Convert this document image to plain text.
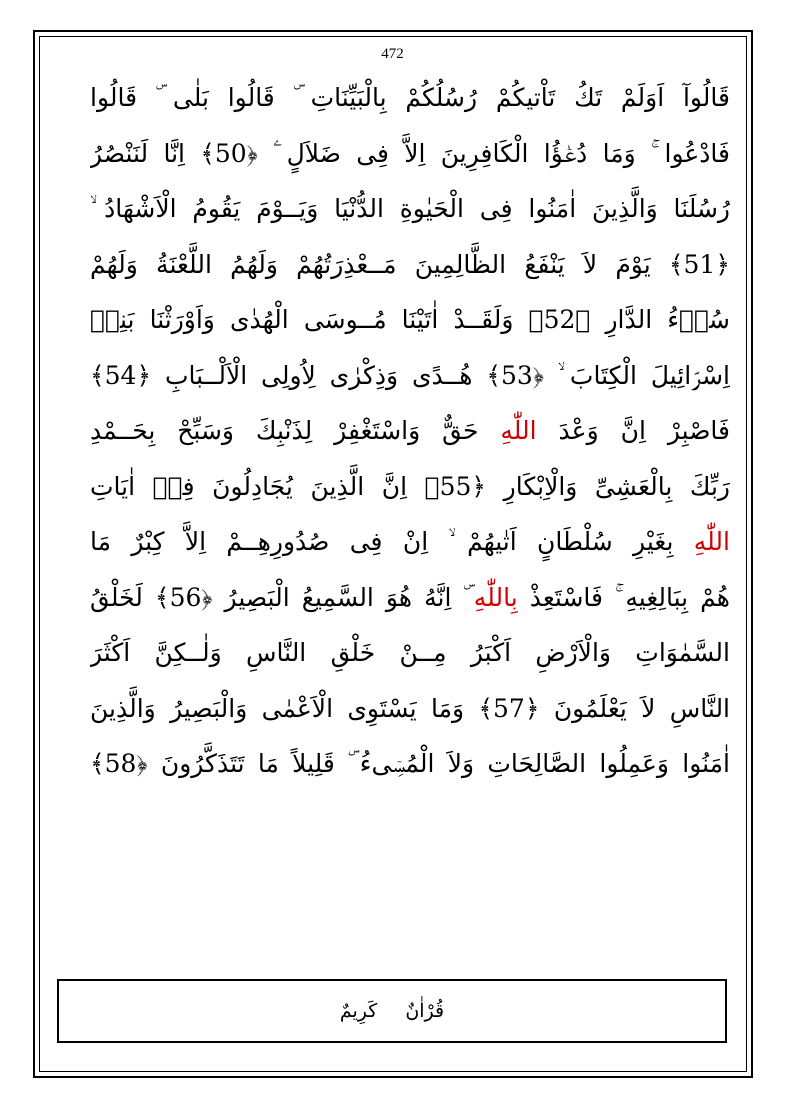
472
قَالُوآ اَوَلَمْ تَكُ تَاْتيكُمْ رُسُلُكُمْ بِالْبَيِّنَاتِ ۜ قَالُوا بَلٰى ۜ قَالُوا
فَادْعُوا ۚ وَمَا دُعٰۤؤُا الْكَافِرِينَ اِلاَّ فِى ضَلاَلٍ ۧ ﴿50﴾ اِنَّا لَنَنْصُرُ
رُسُلَنَا وَالَّذِينَ اٰمَنُوا فِى الْحَيٰوةِ الدُّنْيَا وَيَــوْمَ يَقُومُ الْاَشْهَادُ ۙ
﴿51﴾ يَوْمَ لاَ يَنْفَعُ الظَّالِمِينَ مَــعْذِرَتُهُمْ وَلَهُمُ اللَّعْنَةُ وَلَهُمْ
سُوۤءُ الدَّارِ ﴿52﴾ وَلَقَــدْ اٰتَيْنَا مُــوسَى الْهُدٰى وَاَوْرَثْنَا بَنِىۤ
اِسْرَۤائِيلَ الْكِتَابَ ۙ ﴿53﴾ هُــدًى وَذِكْرٰى لِاُولِى الْاَلْــبَابِ ﴿54﴾
فَاصْبِرْ اِنَّ وَعْدَ اللّٰهِ حَقٌّ وَاسْتَغْفِرْ لِذَنْبِكَ وَسَبِّحْ بِحَــمْدِ
رَبِّكَ بِالْعَشِىِّ وَالْاِبْكَارِ ﴿55﴾ اِنَّ الَّذِينَ يُجَادِلُونَ فِىۤ اٰيَاتِ
اللّٰهِ بِغَيْرِ سُلْطَانٍ اَتٰيهُمْ ۙ اِنْ فِى صُدُورِهِــمْ اِلاَّ كِبْرٌ مَا
هُمْ بِبَالِغِيهِ ۚ فَاسْتَعِذْ بِاللّٰهِ ۜ اِنَّهُ هُوَ السَّمِيعُ الْبَصِيرُ ﴿56﴾ لَخَلْقُ
السَّمٰوَاتِ وَالْاَرْضِ اَكْبَرُ مِــنْ خَلْقِ النَّاسِ وَلٰــكِنَّ اَكْثَرَ
النَّاسِ لاَ يَعْلَمُونَ ﴿57﴾ وَمَا يَسْتَوِى الْاَعْمٰى وَالْبَصِيرُ وَالَّذِينَ
اٰمَنُوا وَعَمِلُوا الصَّالِحَاتِ وَلاَ الْمُسِۤىءُ ۜ قَلِيلاً مَا تَتَذَكَّرُونَ ﴿58﴾
قُرْاٰنٌ
كَرِيمٌ
